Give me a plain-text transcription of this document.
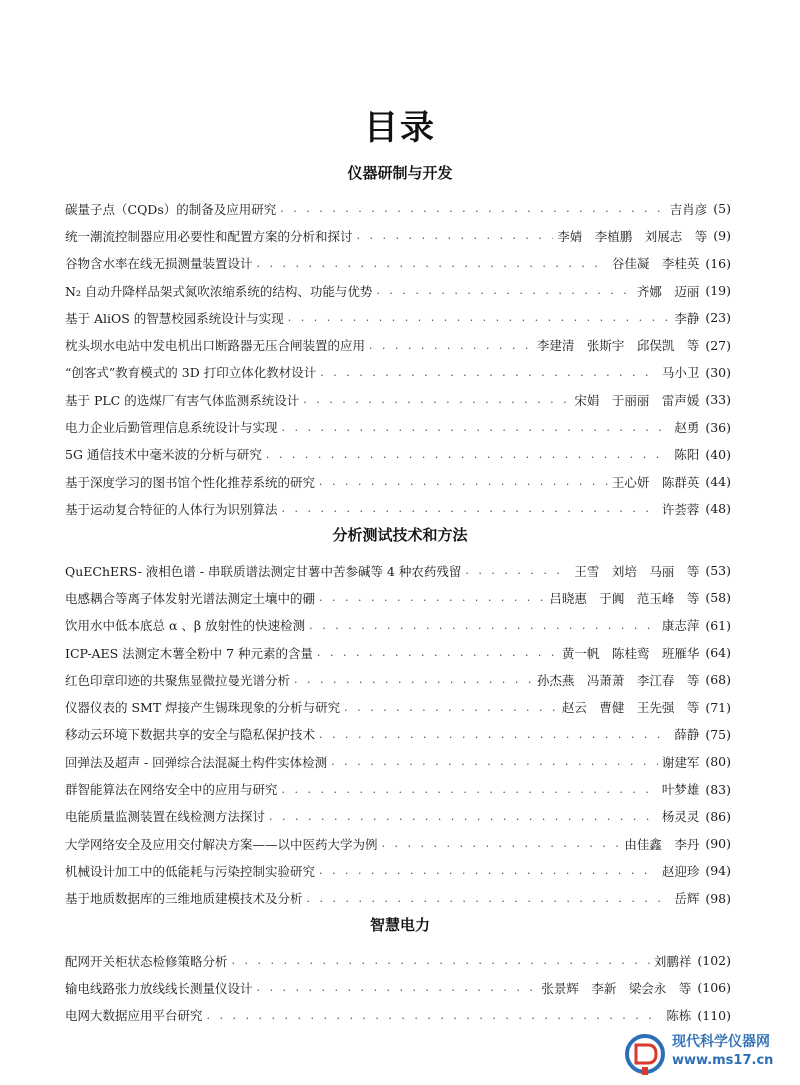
目录
仪器研制与开发
碳量子点（CQDs）的制备及应用研究 . . .	吉肖彦 (5)
统一潮流控制器应用必要性和配置方案的分析和探讨 . . .	李婧　李植鹏　刘展志　等 (9)
谷物含水率在线无损测量装置设计 . . .	谷佳凝　李桂英 (16)
N₂ 自动升降样品架式氮吹浓缩系统的结构、功能与优势 . . .	齐娜　迈丽 (19)
基于 AliOS 的智慧校园系统设计与实现 . . .	李静 (23)
枕头坝水电站中发电机出口断路器无压合闸装置的应用 . . .	李建清　张斯宇　邱俣凯　等 (27)
“创客式”教育模式的 3D 打印立体化教材设计 . . .	马小卫 (30)
基于 PLC 的选煤厂有害气体监测系统设计 . . .	宋娟　于丽丽　雷声媛 (33)
电力企业后勤管理信息系统设计与实现 . . .	赵勇 (36)
5G 通信技术中毫米波的分析与研究 . . .	陈阳 (40)
基于深度学习的图书馆个性化推荐系统的研究 . . .	王心妍　陈群英 (44)
基于运动复合特征的人体行为识别算法 . . .	许荟蓉 (48)
分析测试技术和方法
QuEChERS- 液相色谱 - 串联质谱法测定甘薯中苦参碱等 4 种农药残留 . . .	王雪　刘培　马丽　等 (53)
电感耦合等离子体发射光谱法测定土壤中的硼 . . .	吕晓惠　于阗　范玉峰　等 (58)
饮用水中低本底总 α 、β 放射性的快速检测 . . .	康志萍 (61)
ICP-AES 法测定木薯全粉中 7 种元素的含量 . . .	黄一帆　陈桂鸾　班雁华 (64)
红色印章印迹的共聚焦显微拉曼光谱分析 . . .	孙杰燕　冯萧萧　李江春　等 (68)
仪器仪表的 SMT 焊接产生锡珠现象的分析与研究 . . .	赵云　曹健　王先强　等 (71)
移动云环境下数据共享的安全与隐私保护技术 . . .	薛静 (75)
回弹法及超声 - 回弹综合法混凝土构件实体检测 . . .	谢建军 (80)
群智能算法在网络安全中的应用与研究 . . .	叶梦雄 (83)
电能质量监测装置在线检测方法探讨 . . .	杨灵灵 (86)
大学网络安全及应用交付解决方案——以中医药大学为例 . . .	由佳鑫　李丹 (90)
机械设计加工中的低能耗与污染控制实验研究 . . .	赵迎珍 (94)
基于地质数据库的三维地质建模技术及分析 . . .	岳辉 (98)
智慧电力
配网开关柜状态检修策略分析 . . .	刘鹏祥 (102)
输电线路张力放线线长测量仪设计 . . .	张景辉　李新　梁会永　等 (106)
电网大数据应用平台研究 . . .	陈栋 (110)
现代科学仪器网
www.ms17.cn
